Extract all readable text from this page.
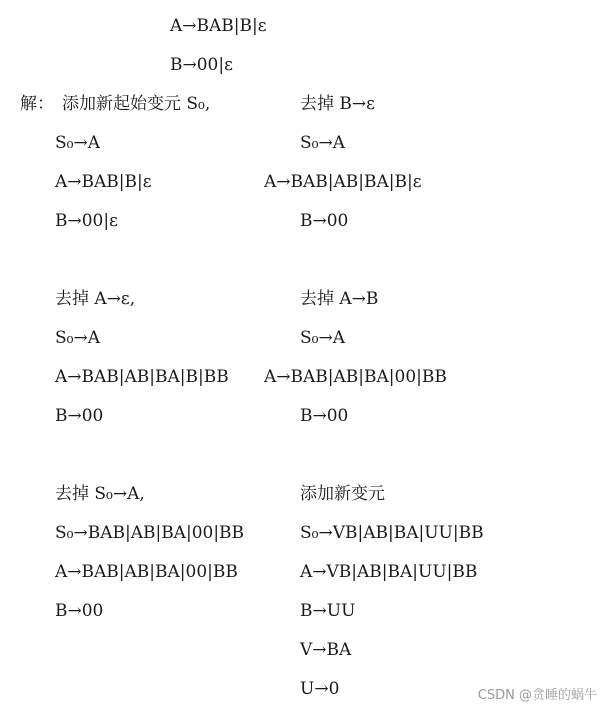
A→BAB|B|ε
B→00|ε
解： 添加新起始变元 S₀,
S₀→A
A→BAB|B|ε
B→00|ε
去掉 B→ε
S₀→A
A→BAB|AB|BA|B|ε
B→00
去掉 A→ε,
S₀→A
A→BAB|AB|BA|B|BB
B→00
去掉 A→B
S₀→A
A→BAB|AB|BA|00|BB
B→00
去掉 S₀→A,
S₀→BAB|AB|BA|00|BB
A→BAB|AB|BA|00|BB
B→00
添加新变元
S₀→VB|AB|BA|UU|BB
A→VB|AB|BA|UU|BB
B→UU
V→BA
U→0	CSDN @贪睡的蜗牛
